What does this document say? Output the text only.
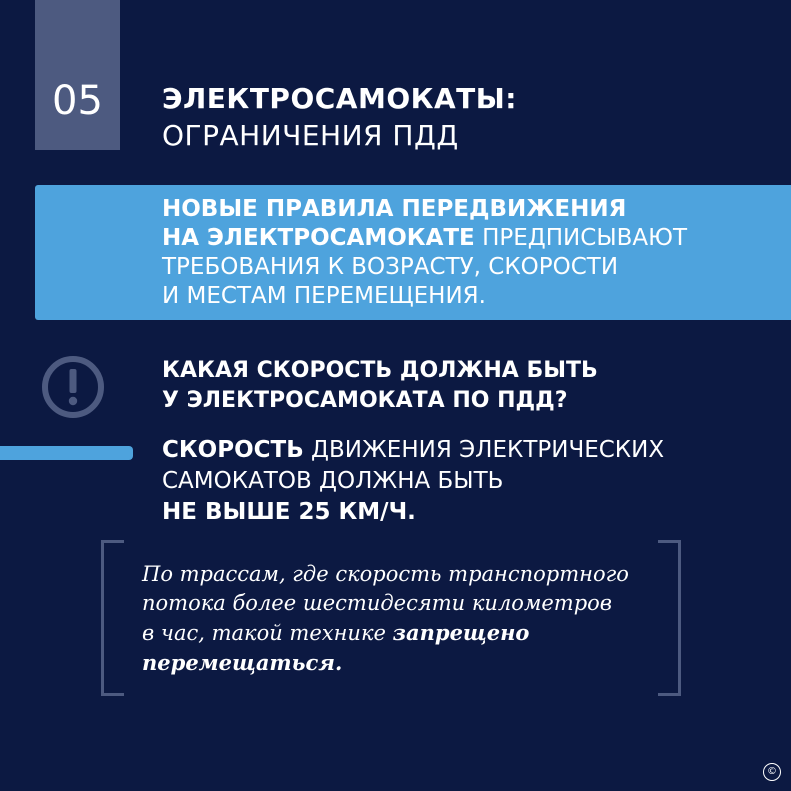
05	ЭЛЕКТРОСАМОКАТЫ:
ОГРАНИЧЕНИЯ ПДД
НОВЫЕ ПРАВИЛА ПЕРЕДВИЖЕНИЯ
НА ЭЛЕКТРОСАМОКАТЕ ПРЕДПИСЫВАЮТ
ТРЕБОВАНИЯ К ВОЗРАСТУ, СКОРОСТИ
И МЕСТАМ ПЕРЕМЕЩЕНИЯ.
КАКАЯ СКОРОСТЬ ДОЛЖНА БЫТЬ
У ЭЛЕКТРОСАМОКАТА ПО ПДД?
СКОРОСТЬ ДВИЖЕНИЯ ЭЛЕКТРИЧЕСКИХ
САМОКАТОВ ДОЛЖНА БЫТЬ
НЕ ВЫШЕ 25 КМ/Ч.
По трассам, где скорость транспортного
потока более шестидесяти километров
в час, такой технике запрещено
перемещаться.
©
